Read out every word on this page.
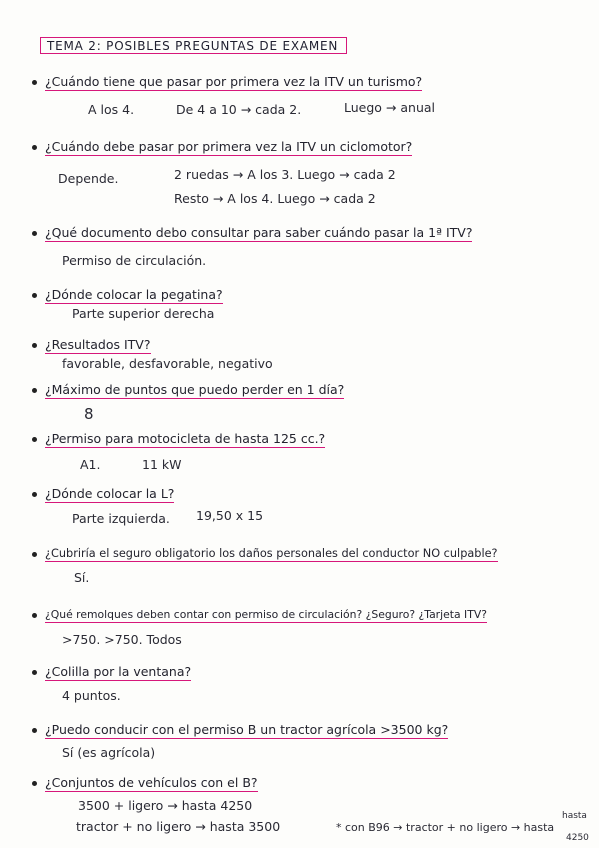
TEMA 2: POSIBLES PREGUNTAS DE EXAMEN
¿Cuándo tiene que pasar por primera vez la ITV un turismo?
A los 4.	De 4 a 10 → cada 2.	Luego → anual
¿Cuándo debe pasar por primera vez la ITV un ciclomotor?
Depende.	2 ruedas → A los 3. Luego → cada 2
Resto → A los 4. Luego → cada 2
¿Qué documento debo consultar para saber cuándo pasar la 1ª ITV?
Permiso de circulación.
¿Dónde colocar la pegatina?
Parte superior derecha
¿Resultados ITV?
favorable, desfavorable, negativo
¿Máximo de puntos que puedo perder en 1 día?
8
¿Permiso para motocicleta de hasta 125 cc.?
A1.	11 kW
¿Dónde colocar la L?
Parte izquierda. 19,50 x 15
¿Cubriría el seguro obligatorio los daños personales del conductor NO culpable?
Sí.
¿Qué remolques deben contar con permiso de circulación? ¿Seguro? ¿Tarjeta ITV?
>750. >750. Todos
¿Colilla por la ventana?
4 puntos.
¿Puedo conducir con el permiso B un tractor agrícola >3500 kg?
Sí (es agrícola)
¿Conjuntos de vehículos con el B?
3500 + ligero → hasta 4250
tractor + no ligero → hasta 3500	* con B96 → tractor + no ligero → hasta
hasta
4250
